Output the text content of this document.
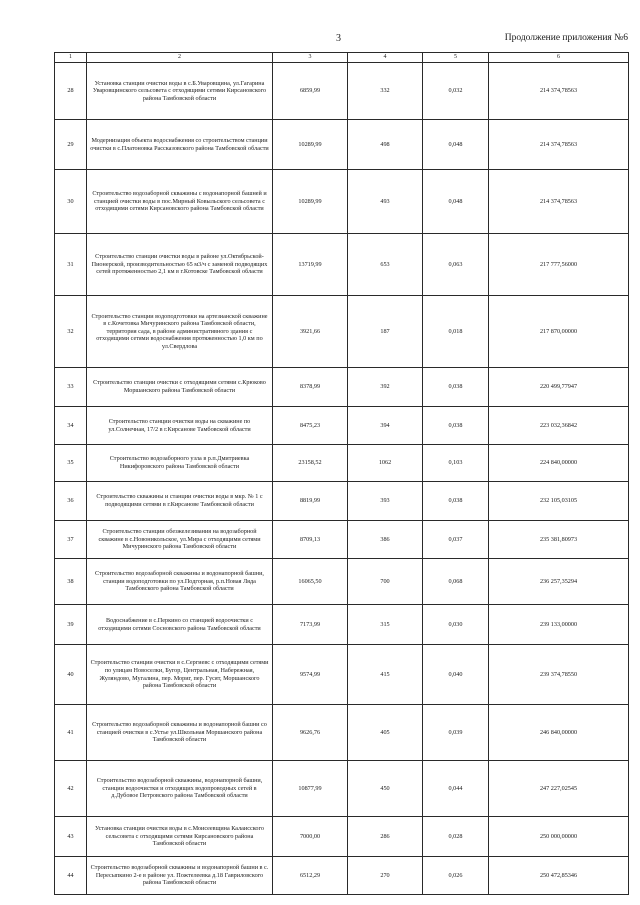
3	Продолжение приложения №6
1	2	3	4	5	6
28	Установка станции очистки воды в с.Б.Уваровщина, ул.Гагарина Уваровщинского сельсовета с отходящими сетями Кирсановского района Тамбовской области	6859,99	332	0,032	214 374,78563
29	Модернизация объекта водоснабжения со строительством станции очистки в с.Платоновка Рассказовского района Тамбовской области	10289,99	498	0,048	214 374,78563
30	Строительство водозаборной скважины с водонапорной башней и станцией очистки воды в пос.Мирный Ковыльского сельсовета с отходящими сетями Кирсановского района Тамбовской области	10289,99	493	0,048	214 374,78563
31	Строительство станции очистки воды в районе ул.Октябрьской-Пионерской, производительностью 65 м3/ч с заменой подводящих сетей протяженностью 2,1 км в г.Котовске Тамбовской области	13719,99	653	0,063	217 777,56000
32	Строительство станции водоподготовки на артезианской скважине в с.Кочетовка Мичуринского района Тамбовской области, территория сада, в районе административного здания с отходящими сетями водоснабжения протяженностью 1,0 км по ул.Свердлова	3921,66	187	0,018	217 870,00000
33	Строительство станции очистки с отходящими сетями с.Крюково Моршанского района Тамбовской области	8378,99	392	0,038	220 499,77947
34	Строительство станции очистки воды на скважине по ул.Солнечная, 17/2 в г.Кирсанове Тамбовской области	8475,23	394	0,038	223 032,36842
35	Строительство водозаборного узла в р.п.Дмитриевка Никифоровского района Тамбовской области	23158,52	1062	0,103	224 840,00000
36	Строительство скважины и станции очистки воды в мкр. № 1 с подводящими сетями в г.Кирсанове Тамбовской области	8819,99	393	0,038	232 105,03105
37	Строительство станции обезжелезивания на водозаборной скважине в с.Новоникольское, ул.Мира с отходящими сетями Мичуринского района Тамбовской области	8709,13	386	0,037	235 381,80973
38	Строительство водозаборной скважины и водонапорной башни, станции водоподготовки по ул.Подгорная, р.п.Новая Ляда Тамбовского района Тамбовской области	16065,50	700	0,068	236 257,35294
39	Водоснабжение в с.Перкино со станцией водоочистки с отходящими сетями Сосновского района Тамбовской области	7173,99	315	0,030	239 133,00000
40	Строительство станции очистки в с.Сергиевс с отходящими сетями по улицам Новоселки, Бугор, Центральная, Набережная, Жуляндово, Мугалина, пер. Мориг, пер. Гусят, Моршанского района Тамбовской области	9574,99	415	0,040	239 374,78550
41	Строительство водозаборной скважины и водонапорной башни со станцией очистки в с.Устье ул.Школьная Моршанского района Тамбовской области	9626,76	405	0,039	246 840,00000
42	Строительство водозаборной скважины, водонапорной башни, станции водоочистки и отходящих водопроводных сетей в д.Дубовое Петровского района Тамбовской области	10877,99	450	0,044	247 227,02545
43	Установка станции очистки воды в с.Моисеевщина Калаисского сельсовета с отходящими сетями Кирсановского района Тамбовской области	7000,00	286	0,028	250 000,00000
44	Строительство водозаборной скважины и водонапорной башни в с. Пересыпкино 2-е в районе ул. Пожтелеевка д.18 Гавриловского района Тамбовской области	6512,29	270	0,026	250 472,85346
